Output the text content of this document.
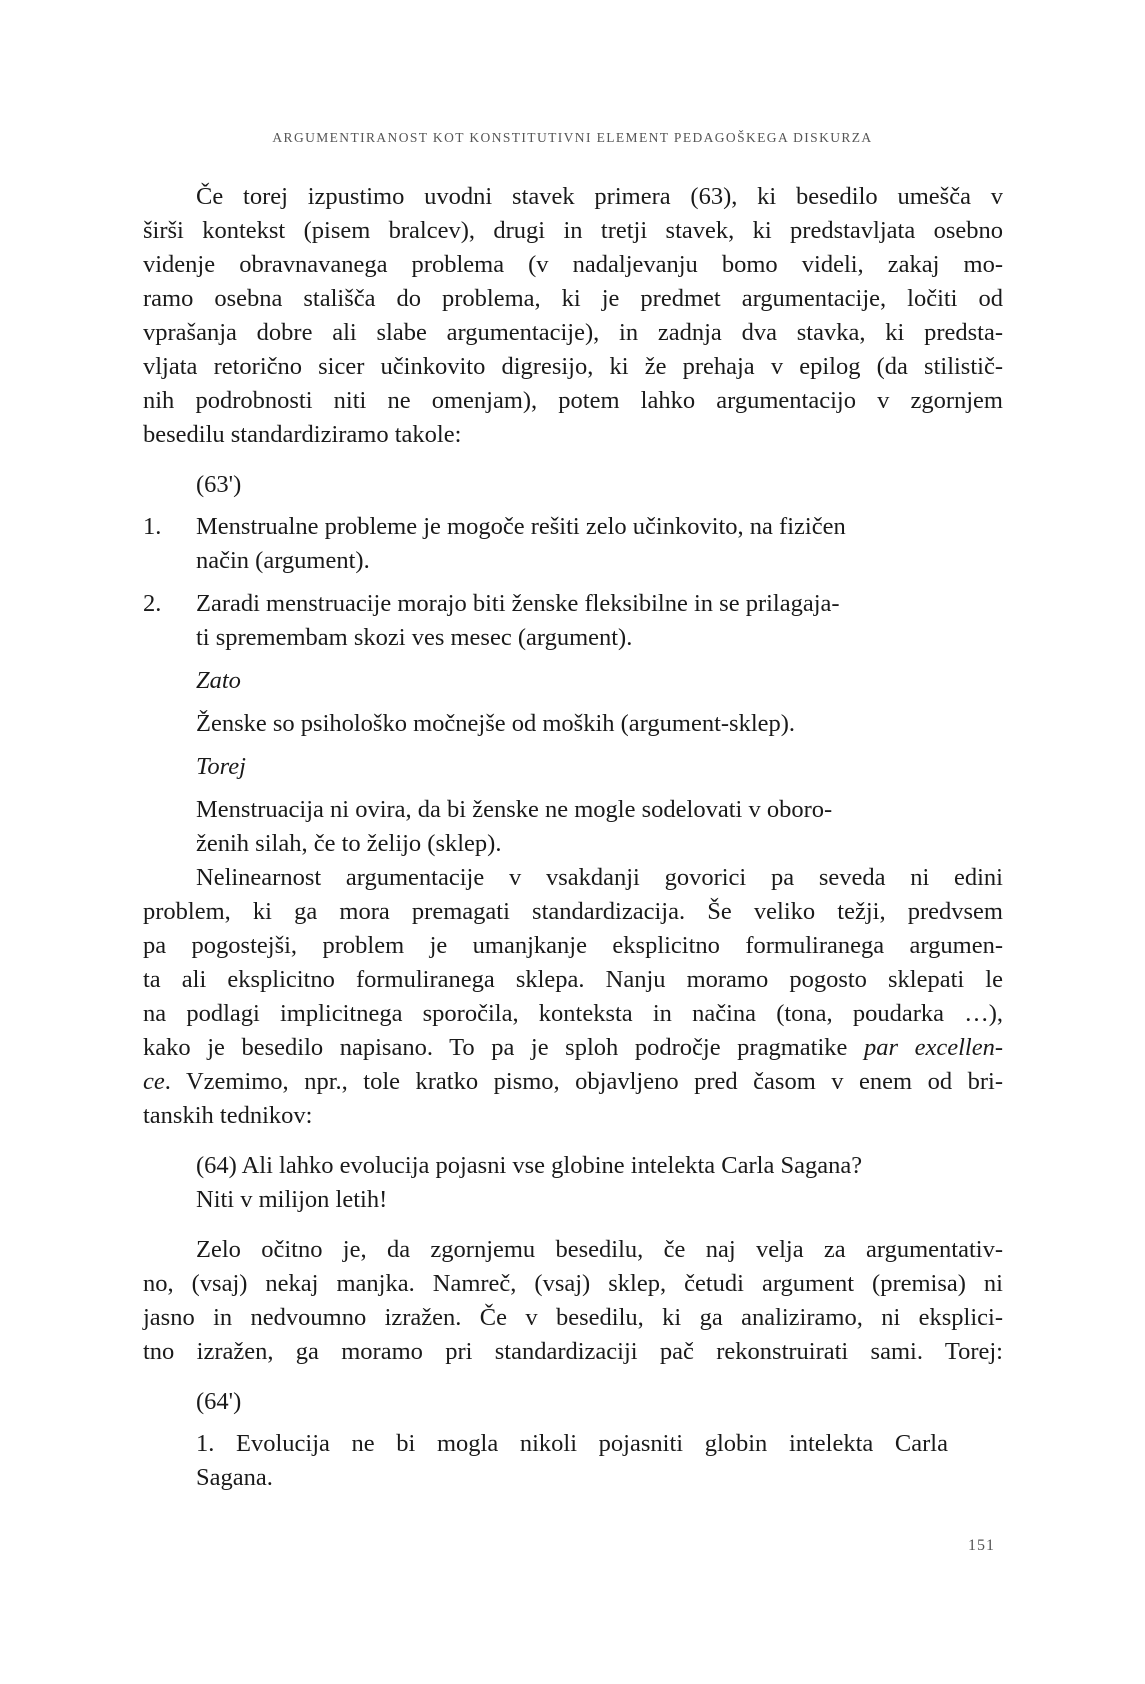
ARGUMENTIRANOST KOT KONSTITUTIVNI ELEMENT PEDAGOŠKEGA DISKURZA

Če torej izpustimo uvodni stavek primera (63), ki besedilo umešča v
širši kontekst (pisem bralcev), drugi in tretji stavek, ki predstavljata osebno
videnje obravnavanega problema (v nadaljevanju bomo videli, zakaj mo-
ramo osebna stališča do problema, ki je predmet argumentacije, ločiti od
vprašanja dobre ali slabe argumentacije), in zadnja dva stavka, ki predsta-
vljata retorično sicer učinkovito digresijo, ki že prehaja v epilog (da stilistič-
nih podrobnosti niti ne omenjam), potem lahko argumentacijo v zgornjem
besedilu standardiziramo takole:

(63')
1. Menstrualne probleme je mogoče rešiti zelo učinkovito, na fizičen
način (argument).
2. Zaradi menstruacije morajo biti ženske fleksibilne in se prilagaja-
ti spremembam skozi ves mesec (argument).
Zato
Ženske so psihološko močnejše od moških (argument-sklep).
Torej
Menstruacija ni ovira, da bi ženske ne mogle sodelovati v oboro-
ženih silah, če to želijo (sklep).

Nelinearnost argumentacije v vsakdanji govorici pa seveda ni edini
problem, ki ga mora premagati standardizacija. Še veliko težji, predvsem
pa pogostejši, problem je umanjkanje eksplicitno formuliranega argumen-
ta ali eksplicitno formuliranega sklepa. Nanju moramo pogosto sklepati le
na podlagi implicitnega sporočila, konteksta in načina (tona, poudarka …),
kako je besedilo napisano. To pa je sploh področje pragmatike par excellen-
ce. Vzemimo, npr., tole kratko pismo, objavljeno pred časom v enem od bri-
tanskih tednikov:

(64) Ali lahko evolucija pojasni vse globine intelekta Carla Sagana?
Niti v milijon letih!

Zelo očitno je, da zgornjemu besedilu, če naj velja za argumentativ-
no, (vsaj) nekaj manjka. Namreč, (vsaj) sklep, četudi argument (premisa) ni
jasno in nedvoumno izražen. Če v besedilu, ki ga analiziramo, ni eksplici-
tno izražen, ga moramo pri standardizaciji pač rekonstruirati sami. Torej:

(64')
1. Evolucija ne bi mogla nikoli pojasniti globin intelekta Carla
Sagana.
151
